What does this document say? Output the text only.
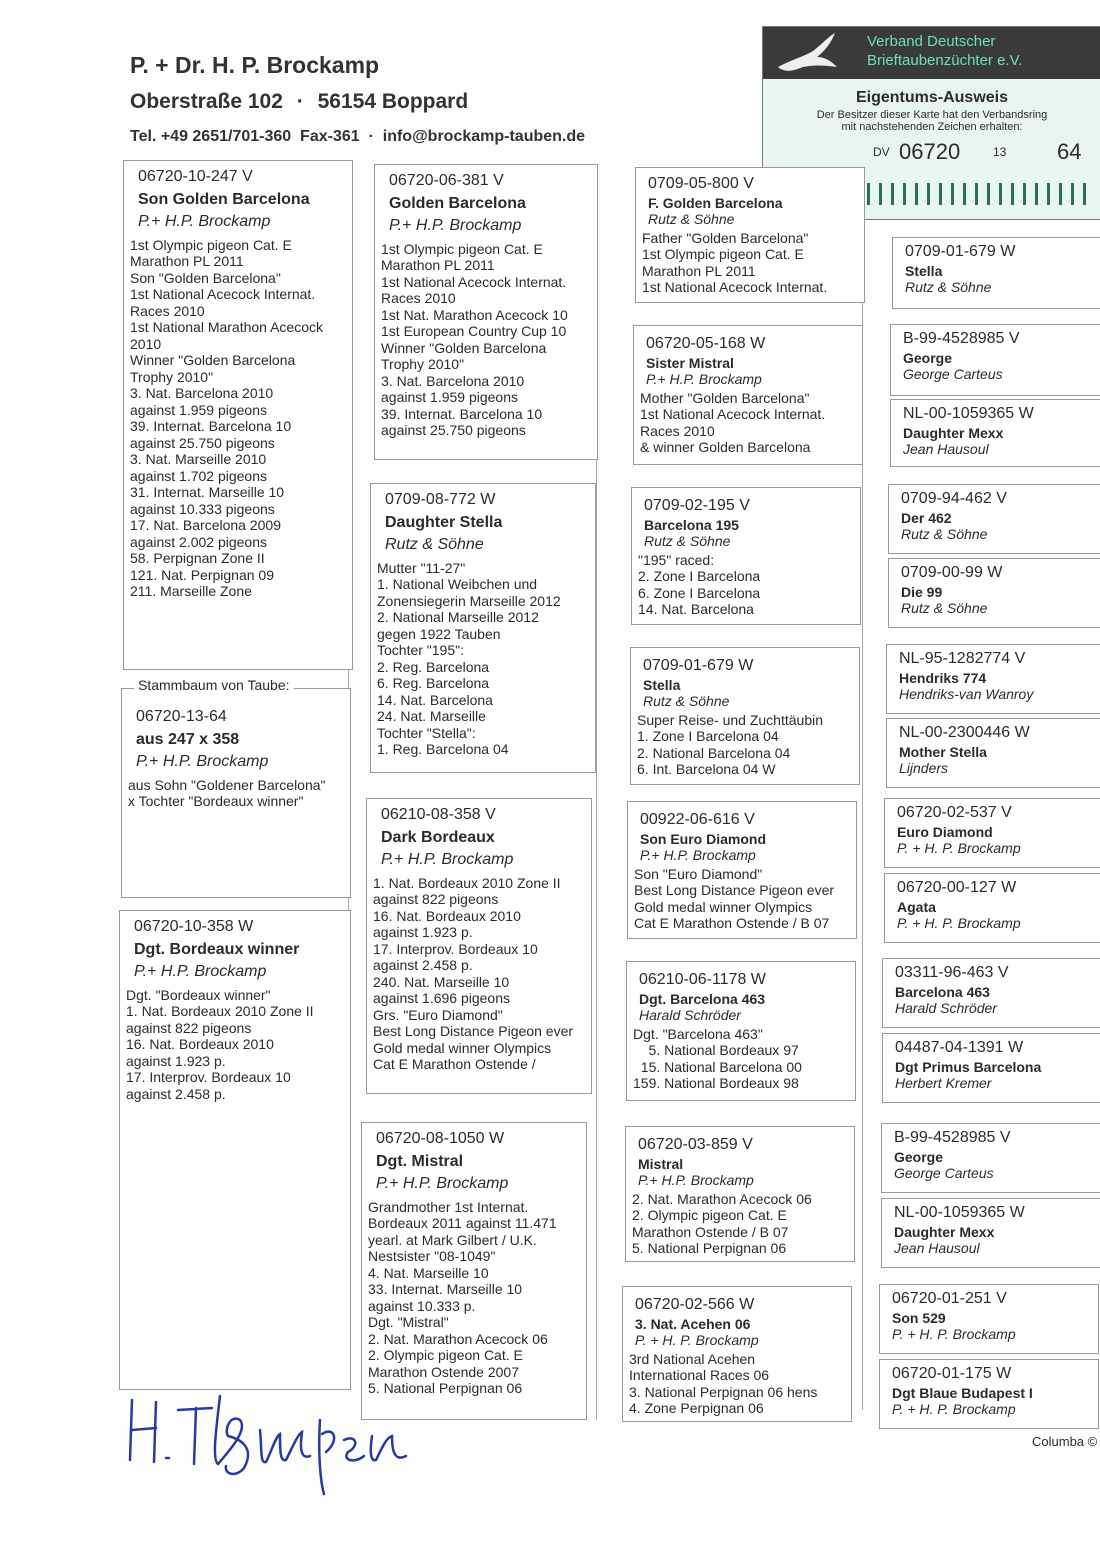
P. + Dr. H. P. Brockamp
Oberstraße 102 · 56154 Boppard
Tel. +49 2651/701-360  Fax-361  ·  info@brockamp-tauben.de
Verband Deutscher Brieftaubenzüchter e.V.
Eigentums-Ausweis
Der Besitzer dieser Karte hat den Verbandsring mit nachstehenden Zeichen erhalten:
DV 06720	13 64
06720-10-247 V
Son Golden Barcelona
P.+ H.P. Brockamp
1st Olympic pigeon Cat. E
Marathon PL 2011
Son "Golden Barcelona"
1st National Acecock Internat.
Races 2010
1st National Marathon Acecock
2010
Winner "Golden Barcelona
Trophy 2010"
3. Nat. Barcelona 2010
against 1.959 pigeons
39. Internat. Barcelona 10
against 25.750 pigeons
3. Nat. Marseille 2010
against 1.702 pigeons
31. Internat. Marseille 10
against 10.333 pigeons
17. Nat. Barcelona 2009
against 2.002 pigeons
58. Perpignan Zone II
121. Nat. Perpignan 09
211. Marseille Zone
06720-13-64
aus 247 x 358
P.+ H.P. Brockamp
aus Sohn "Goldener Barcelona"
x Tochter "Bordeaux winner"
Stammbaum von Taube:
06720-10-358 W
Dgt. Bordeaux winner
P.+ H.P. Brockamp
Dgt. "Bordeaux winner"
1. Nat. Bordeaux 2010 Zone II
against 822 pigeons
16. Nat. Bordeaux 2010
against 1.923 p.
17. Interprov. Bordeaux 10
against 2.458 p.
06720-06-381 V
Golden Barcelona
P.+ H.P. Brockamp
1st Olympic pigeon Cat. E
Marathon PL 2011
1st National Acecock Internat.
Races 2010
1st Nat. Marathon Acecock 10
1st European Country Cup 10
Winner "Golden Barcelona
Trophy 2010"
3. Nat. Barcelona 2010
against 1.959 pigeons
39. Internat. Barcelona 10
against 25.750 pigeons
0709-08-772 W
Daughter Stella
Rutz & Söhne
Mutter "11-27"
1. National Weibchen und
Zonensiegerin Marseille 2012
2. National Marseille 2012
gegen 1922 Tauben
Tochter "195":
2. Reg. Barcelona
6. Reg. Barcelona
14. Nat. Barcelona
24. Nat. Marseille
Tochter "Stella":
1. Reg. Barcelona 04
06210-08-358 V
Dark Bordeaux
P.+ H.P. Brockamp
1. Nat. Bordeaux 2010 Zone II
against 822 pigeons
16. Nat. Bordeaux 2010
against 1.923 p.
17. Interprov. Bordeaux 10
against 2.458 p.
240. Nat. Marseille 10
against 1.696 pigeons
Grs. "Euro Diamond"
Best Long Distance Pigeon ever
Gold medal winner Olympics
Cat E Marathon Ostende /
06720-08-1050 W
Dgt. Mistral
P.+ H.P. Brockamp
Grandmother 1st Internat.
Bordeaux 2011 against 11.471
yearl. at Mark Gilbert / U.K.
Nestsister "08-1049"
4. Nat. Marseille 10
33. Internat. Marseille 10
against 10.333 p.
Dgt. "Mistral"
2. Nat. Marathon Acecock 06
2. Olympic pigeon Cat. E
Marathon Ostende 2007
5. National Perpignan 06
0709-05-800 V
F. Golden Barcelona
Rutz & Söhne
Father "Golden Barcelona"
1st Olympic pigeon Cat. E
Marathon PL 2011
1st National Acecock Internat.
06720-05-168 W
Sister Mistral
P.+ H.P. Brockamp
Mother "Golden Barcelona"
1st National Acecock Internat.
Races 2010
& winner Golden Barcelona
0709-02-195 V
Barcelona 195
Rutz & Söhne
"195" raced:
2. Zone I Barcelona
6. Zone I Barcelona
14. Nat. Barcelona
0709-01-679 W
Stella
Rutz & Söhne
Super Reise- und Zuchttäubin
1. Zone I Barcelona 04
2. National Barcelona 04
6. Int. Barcelona 04 W
00922-06-616 V
Son Euro Diamond
P.+ H.P. Brockamp
Son "Euro Diamond"
Best Long Distance Pigeon ever
Gold medal winner Olympics
Cat E Marathon Ostende / B 07
06210-06-1178 W
Dgt. Barcelona 463
Harald Schröder
Dgt. "Barcelona 463"
5. National Bordeaux 97
15. National Barcelona 00
159. National Bordeaux 98
06720-03-859 V
Mistral
P.+ H.P. Brockamp
2. Nat. Marathon Acecock 06
2. Olympic pigeon Cat. E
Marathon Ostende / B 07
5. National Perpignan 06
06720-02-566 W
3. Nat. Acehen 06
P. + H. P. Brockamp
3rd National Acehen
International Races 06
3. National Perpignan 06 hens
4. Zone Perpignan 06
0709-01-679 W
Stella
Rutz & Söhne
B-99-4528985 V
George
George Carteus
NL-00-1059365 W
Daughter Mexx
Jean Hausoul
0709-94-462 V
Der 462
Rutz & Söhne
0709-00-99 W
Die 99
Rutz & Söhne
NL-95-1282774 V
Hendriks 774
Hendriks-van Wanroy
NL-00-2300446 W
Mother Stella
Lijnders
06720-02-537 V
Euro Diamond
P. + H. P. Brockamp
06720-00-127 W
Agata
P. + H. P. Brockamp
03311-96-463 V
Barcelona 463
Harald Schröder
04487-04-1391 W
Dgt Primus Barcelona
Herbert Kremer
B-99-4528985 V
George
George Carteus
NL-00-1059365 W
Daughter Mexx
Jean Hausoul
06720-01-251 V
Son 529
P. + H. P. Brockamp
06720-01-175 W
Dgt Blaue Budapest I
P. + H. P. Brockamp
Columba ©
